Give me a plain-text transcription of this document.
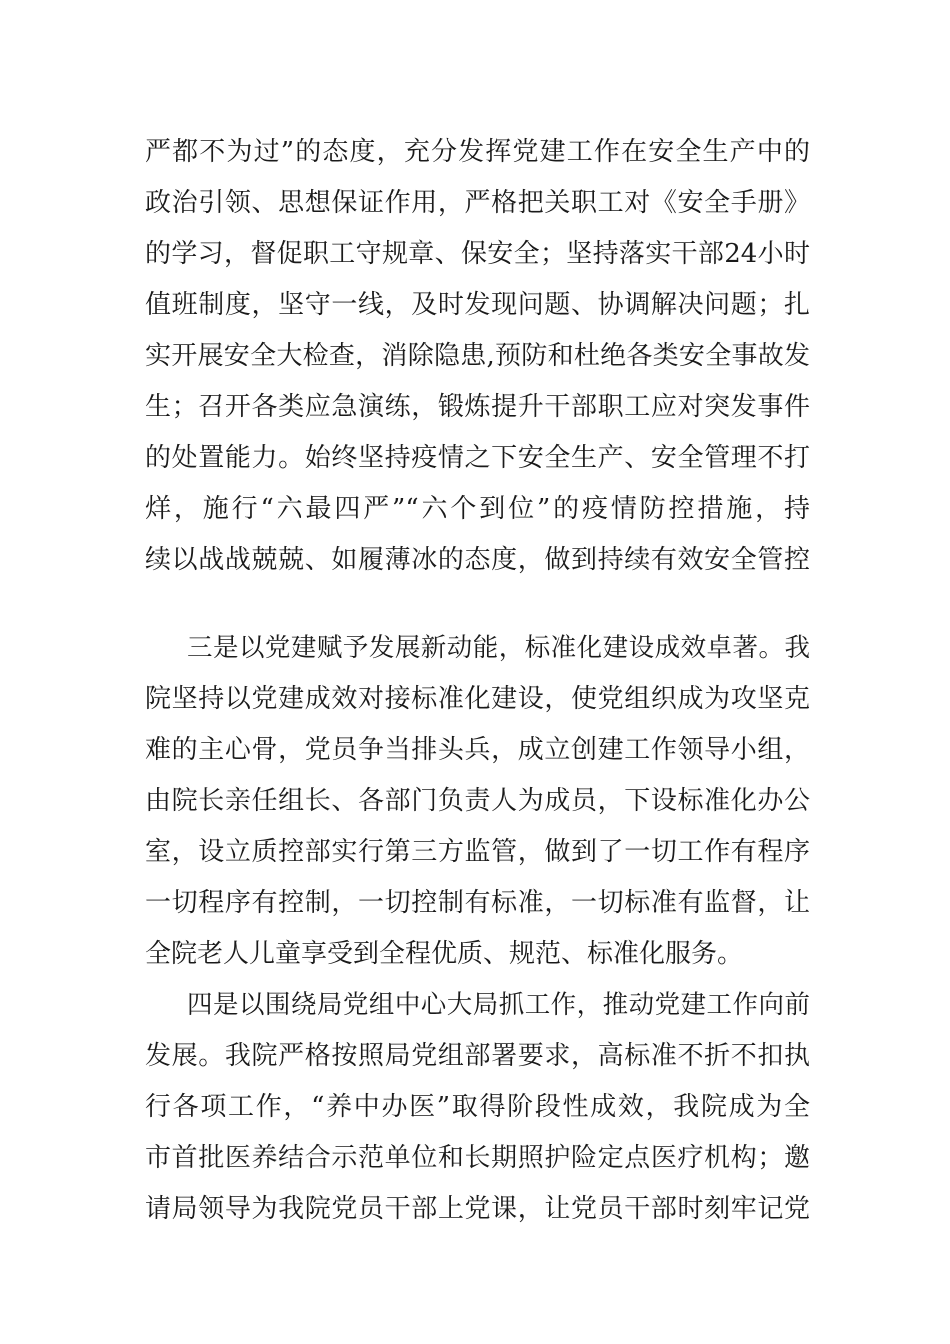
严都不为过”的态度，充分发挥党建工作在安全生产中的
政治引领、思想保证作用，严格把关职工对《安全手册》
的学习，督促职工守规章、保安全；坚持落实干部24小时
值班制度，坚守一线，及时发现问题、协调解决问题；扎
实开展安全大检查，消除隐患,预防和杜绝各类安全事故发
生；召开各类应急演练，锻炼提升干部职工应对突发事件
的处置能力。始终坚持疫情之下安全生产、安全管理不打
烊，施行“六最四严”“六个到位”的疫情防控措施，持
续以战战兢兢、如履薄冰的态度，做到持续有效安全管控
三是以党建赋予发展新动能，标准化建设成效卓著。我
院坚持以党建成效对接标准化建设，使党组织成为攻坚克
难的主心骨，党员争当排头兵，成立创建工作领导小组，
由院长亲任组长、各部门负责人为成员，下设标准化办公
室，设立质控部实行第三方监管，做到了一切工作有程序
一切程序有控制，一切控制有标准，一切标准有监督，让
全院老人儿童享受到全程优质、规范、标准化服务。
四是以围绕局党组中心大局抓工作，推动党建工作向前
发展。我院严格按照局党组部署要求，高标准不折不扣执
行各项工作，“养中办医”取得阶段性成效，我院成为全
市首批医养结合示范单位和长期照护险定点医疗机构；邀
请局领导为我院党员干部上党课，让党员干部时刻牢记党
